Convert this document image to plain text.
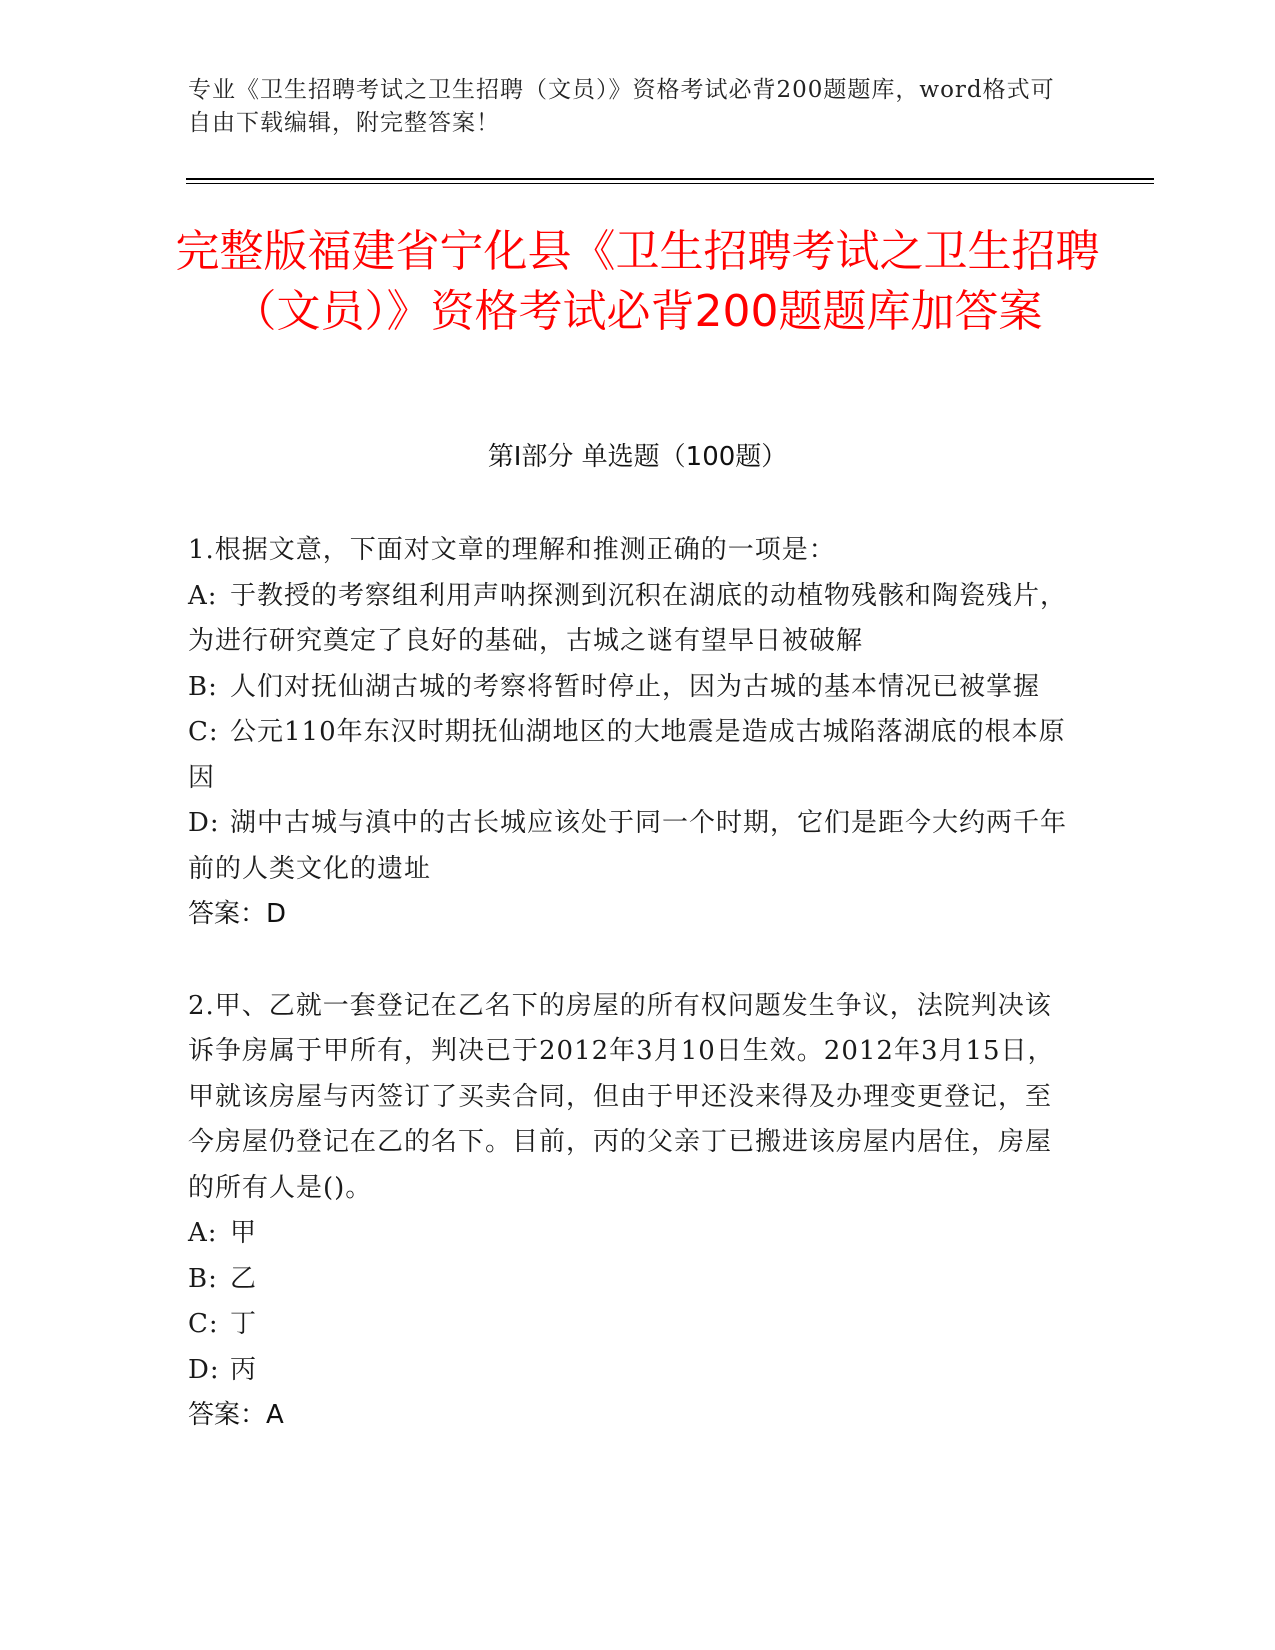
专业《卫生招聘考试之卫生招聘（文员）》资格考试必背200题题库，word格式可自由下载编辑，附完整答案！
完整版福建省宁化县《卫生招聘考试之卫生招聘（文员）》资格考试必背200题题库加答案
第I部分 单选题（100题）

1.根据文意，下面对文章的理解和推测正确的一项是：

A: 于教授的考察组利用声呐探测到沉积在湖底的动植物残骸和陶瓷残片，为进行研究奠定了良好的基础，古城之谜有望早日被破解

B: 人们对抚仙湖古城的考察将暂时停止，因为古城的基本情况已被掌握

C: 公元110年东汉时期抚仙湖地区的大地震是造成古城陷落湖底的根本原因

D: 湖中古城与滇中的古长城应该处于同一个时期，它们是距今大约两千年前的人类文化的遗址

答案：D

2.甲、乙就一套登记在乙名下的房屋的所有权问题发生争议，法院判决该诉争房属于甲所有，判决已于2012年3月10日生效。2012年3月15日，甲就该房屋与丙签订了买卖合同，但由于甲还没来得及办理变更登记，至今房屋仍登记在乙的名下。目前，丙的父亲丁已搬进该房屋内居住，房屋的所有人是()。

A: 甲

B: 乙

C: 丁

D: 丙

答案：A
